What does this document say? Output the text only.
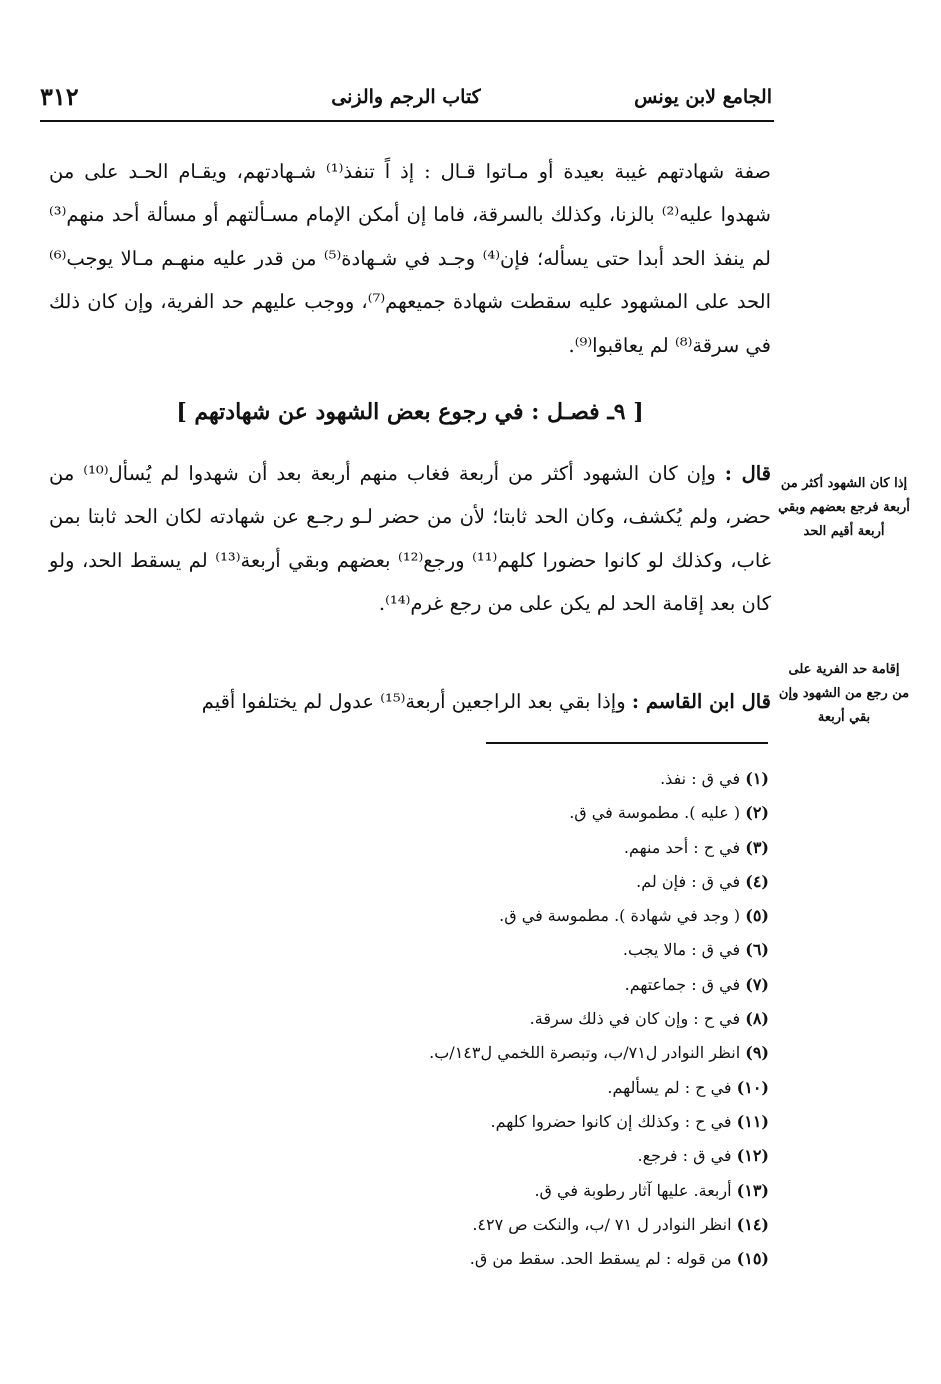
الجامع لابن يونس
كتاب الرجم والزنى
٣١٢

صفة شهادتهم غيبة بعيدة أو مـاتوا قـال : إذ اً تنفذ⁽¹⁾ شـهادتهم، ويقـام الحـد على من شهدوا عليه⁽²⁾ بالزنا، وكذلك بالسرقة، فاما إن أمكن الإمام مسـألتهم أو مسألة أحد منهم⁽³⁾ لم ينفذ الحد أبدا حتى يسأله؛ فإن⁽⁴⁾ وجـد في شـهادة⁽⁵⁾ من قدر عليه منهـم مـالا يوجب⁽⁶⁾ الحد على المشهود عليه سقطت شهادة جميعهم⁽⁷⁾، ووجب عليهم حد الفرية، وإن كان ذلك في سرقة⁽⁸⁾ لم يعاقبوا⁽⁹⁾.

[ ٩ـ فصـل : في رجوع بعض الشهود عن شهادتهم ]

قال : وإن كان الشهود أكثر من أربعة فغاب منهم أربعة بعد أن شهدوا لم يُسأل⁽¹⁰⁾ من حضر، ولم يُكشف، وكان الحد ثابتا؛ لأن من حضر لـو رجـع عن شهادته لكان الحد ثابتا بمن غاب، وكذلك لو كانوا حضورا كلهم⁽¹¹⁾ ورجع⁽¹²⁾ بعضهم وبقي أربعة⁽¹³⁾ لم يسقط الحد، ولو كان بعد إقامة الحد لم يكن على من رجع غرم⁽¹⁴⁾.

قال ابن القاسم : وإذا بقي بعد الراجعين أربعة⁽¹⁵⁾ عدول لم يختلفوا أقيم

إذا كان الشهود أكثر من أربعة فرجع بعضهم وبقي أربعة أقيم الحد
إقامة حد الفرية على من رجع من الشهود وإن بقي أربعة
(١) في ق : نفذ.
(٢) ( عليه ). مطموسة في ق.
(٣) في ح : أحد منهم.
(٤) في ق : فإن لم.
(٥) ( وجد في شهادة ). مطموسة في ق.
(٦) في ق : مالا يجب.
(٧) في ق : جماعتهم.
(٨) في ح : وإن كان في ذلك سرقة.
(٩) انظر النوادر ل٧١/ب، وتبصرة اللخمي ل١٤٣/ب.
(١٠) في ح : لم يسألهم.
(١١) في ح : وكذلك إن كانوا حضروا كلهم.
(١٢) في ق : فرجع.
(١٣) أربعة. عليها آثار رطوبة في ق.
(١٤) انظر النوادر ل ٧١ /ب، والنكت ص ٤٢٧.
(١٥) من قوله : لم يسقط الحد. سقط من ق.
